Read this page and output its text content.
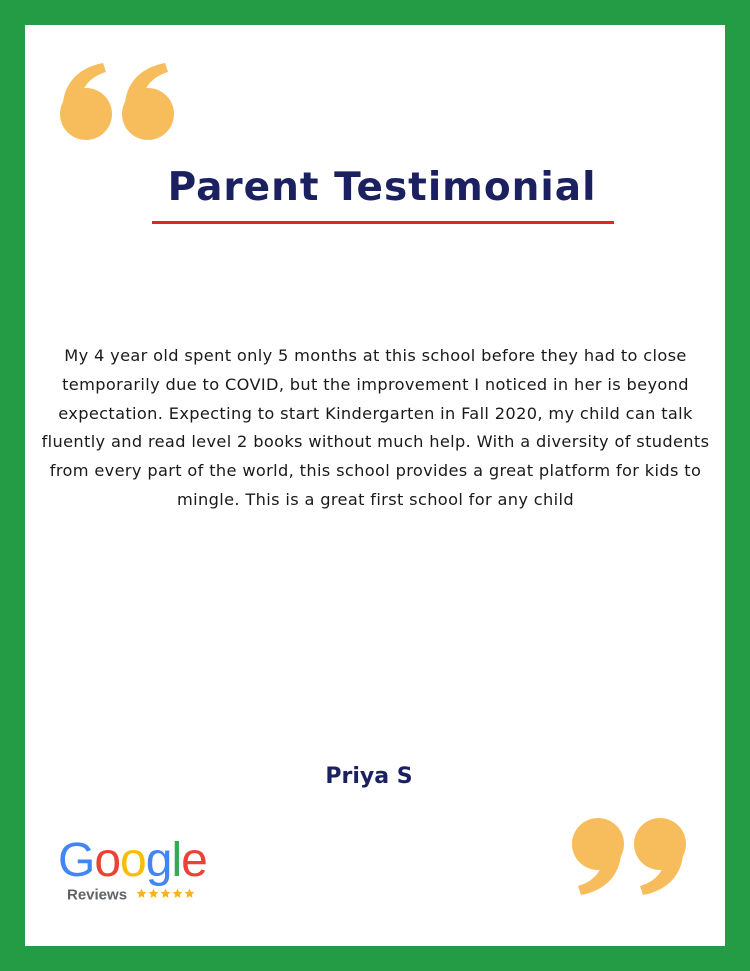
Parent Testimonial

My 4 year old spent only 5 months at this school before they had to close temporarily due to COVID, but the improvement I noticed in her is beyond expectation. Expecting to start Kindergarten in Fall 2020, my child can talk fluently and read level 2 books without much help. With a diversity of students from every part of the world, this school provides a great platform for kids to mingle. This is a great first school for any child

Priya S
Google
Reviews
